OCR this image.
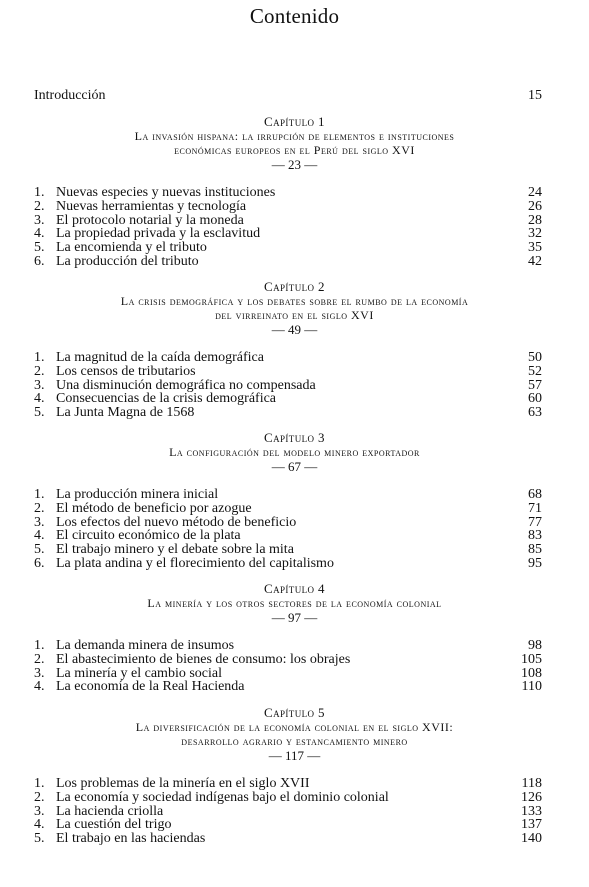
Contenido
Introducción	15
Capítulo 1
La invasión hispana: la irrupción de elementos e instituciones
económicas europeos en el Perú del siglo XVI
— 23 —
1. Nuevas especies y nuevas instituciones	24
2. Nuevas herramientas y tecnología	26
3. El protocolo notarial y la moneda	28
4. La propiedad privada y la esclavitud	32
5. La encomienda y el tributo	35
6. La producción del tributo	42
Capítulo 2
La crisis demográfica y los debates sobre el rumbo de la economía
del virreinato en el siglo XVI
— 49 —
1. La magnitud de la caída demográfica	50
2. Los censos de tributarios	52
3. Una disminución demográfica no compensada	57
4. Consecuencias de la crisis demográfica	60
5. La Junta Magna de 1568	63
Capítulo 3
La configuración del modelo minero exportador
— 67 —
1. La producción minera inicial	68
2. El método de beneficio por azogue	71
3. Los efectos del nuevo método de beneficio	77
4. El circuito económico de la plata	83
5. El trabajo minero y el debate sobre la mita	85
6. La plata andina y el florecimiento del capitalismo	95
Capítulo 4
La minería y los otros sectores de la economía colonial
— 97 —
1. La demanda minera de insumos	98
2. El abastecimiento de bienes de consumo: los obrajes	105
3. La minería y el cambio social	108
4. La economía de la Real Hacienda	110
Capítulo 5
La diversificación de la economía colonial en el siglo XVII:
desarrollo agrario y estancamiento minero
— 117 —
1. Los problemas de la minería en el siglo XVII	118
2. La economía y sociedad indígenas bajo el dominio colonial	126
3. La hacienda criolla	133
4. La cuestión del trigo	137
5. El trabajo en las haciendas	140
